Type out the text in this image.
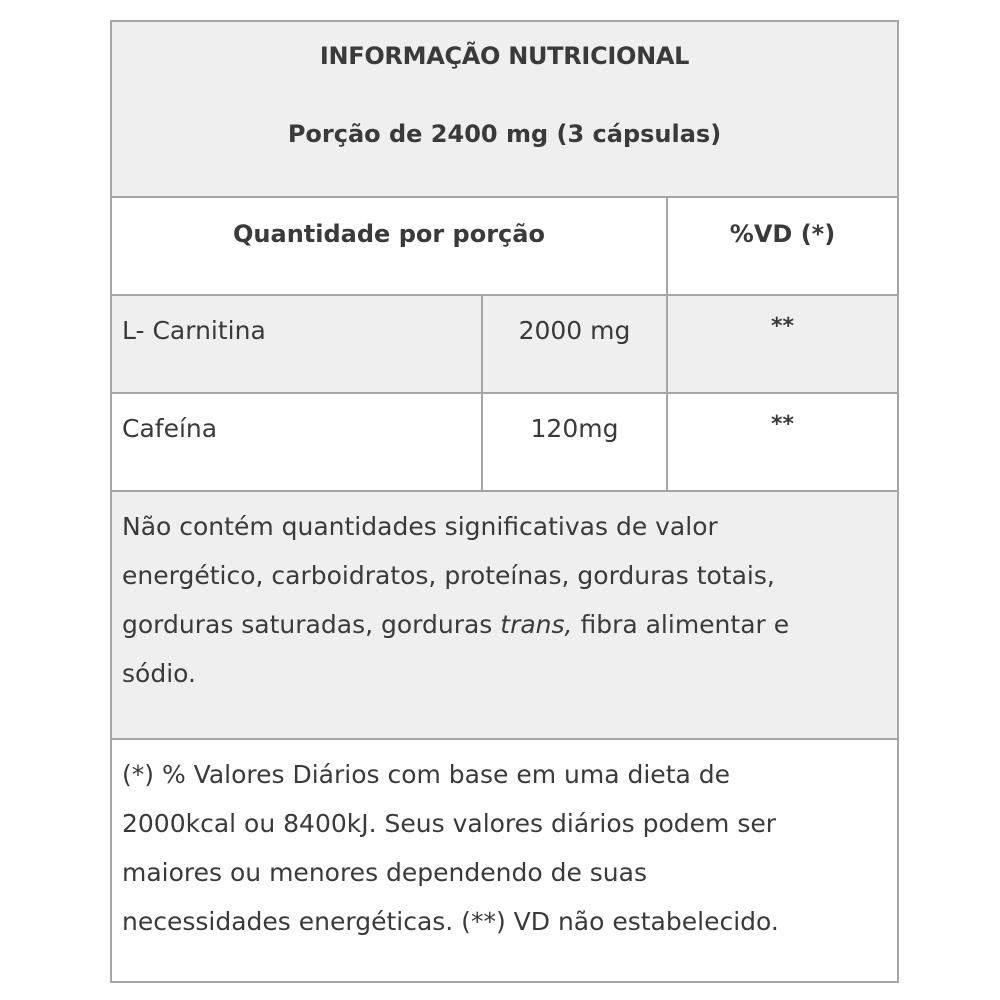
INFORMAÇÃO NUTRICIONAL
Porção de 2400 mg (3 cápsulas)
Quantidade por porção	%VD (*)
L- Carnitina	2000 mg	**
Cafeína	120mg	**
Não contém quantidades significativas de valor
energético, carboidratos, proteínas, gorduras totais,
gorduras saturadas, gorduras trans, fibra alimentar e
sódio.
(*) % Valores Diários com base em uma dieta de
2000kcal ou 8400kJ. Seus valores diários podem ser
maiores ou menores dependendo de suas
necessidades energéticas. (**) VD não estabelecido.
